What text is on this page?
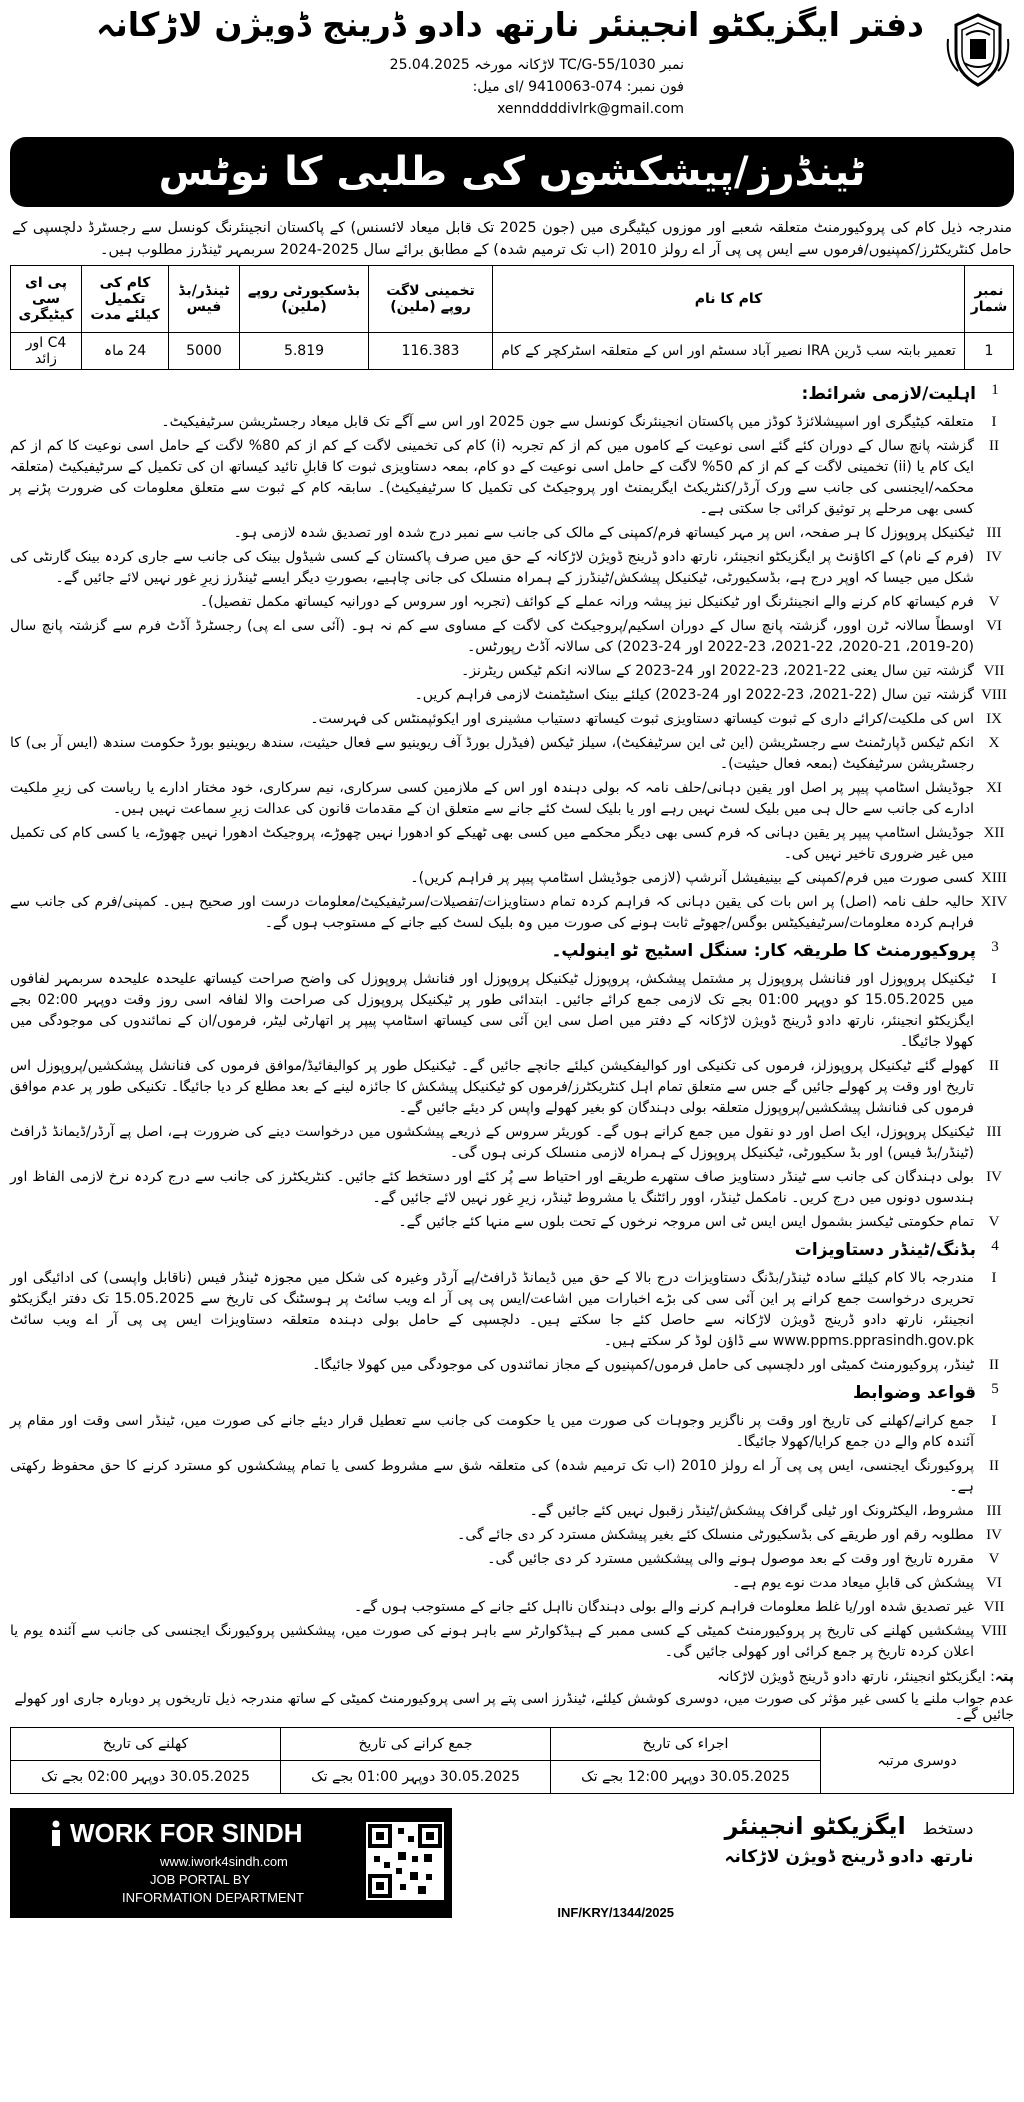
دفتر ایگزیکٹو انجینئر نارتھ دادو ڈرینج ڈویژن لاڑکانہ
نمبر TC/G-55/1030 لاڑکانہ مورخہ 25.04.2025
فون نمبر: 074-9410063 /ای میل:
xennddddivlrk@gmail.com
ٹینڈرز/پیشکشوں کی طلبی کا نوٹس
مندرجہ ذیل کام کی پروکیورمنٹ متعلقہ شعبے اور موزوں کیٹیگری میں (جون 2025 تک قابل میعاد لائسنس) کے پاکستان انجینئرنگ کونسل سے رجسٹرڈ دلچسپی کے حامل کنٹریکٹرز/کمپنیوں/فرموں سے ایس پی پی آر اے رولز 2010 (اب تک ترمیم شدہ) کے مطابق برائے سال 2025-2024 سربمہر ٹینڈرز مطلوب ہیں۔
نمبر شمار	کام کا نام	تخمینی لاگت روپے (ملین)	بڈسکیورٹی روپے (ملین)	ٹینڈر/بڈ فیس	کام کی تکمیل کیلئے مدت	پی ای سی کیٹیگری
1	تعمیر بابتہ سب ڈرین IRA نصیر آباد سسٹم اور اس کے متعلقہ اسٹرکچر کے کام	116.383	5.819	5000	24 ماہ	C4 اور زائد
1
اہلیت/لازمی شرائط:
I
متعلقہ کیٹیگری اور اسپیشلائزڈ کوڈز میں پاکستان انجینئرنگ کونسل سے جون 2025 اور اس سے آگے تک قابل میعاد رجسٹریشن سرٹیفیکیٹ۔
II
گزشتہ پانچ سال کے دوران کئے گئے اسی نوعیت کے کاموں میں کم از کم تجربہ (i) کام کی تخمینی لاگت کے کم از کم 80% لاگت کے حامل اسی نوعیت کا کم از کم ایک کام یا (ii) تخمینی لاگت کے کم از کم 50% لاگت کے حامل اسی نوعیت کے دو کام، بمعہ دستاویزی ثبوت کا قابلِ تائید کیساتھ ان کی تکمیل کے سرٹیفیکیٹ (متعلقہ محکمہ/ایجنسی کی جانب سے ورک آرڈر/کنٹریکٹ ایگریمنٹ اور پروجیکٹ کی تکمیل کا سرٹیفیکیٹ)۔ سابقہ کام کے ثبوت سے متعلق معلومات کی ضرورت پڑنے پر کسی بھی مرحلے پر توثیق کرائی جا سکتی ہے۔
III
ٹیکنیکل پروپوزل کا ہر صفحہ، اس پر مہر کیساتھ فرم/کمپنی کے مالک کی جانب سے نمبر درج شدہ اور تصدیق شدہ لازمی ہو۔
IV
(فرم کے نام) کے اکاؤنٹ پر ایگزیکٹو انجینئر، نارتھ دادو ڈرینج ڈویژن لاڑکانہ کے حق میں صرف پاکستان کے کسی شیڈول بینک کی جانب سے جاری کردہ بینک گارنٹی کی شکل میں جیسا کہ اوپر درج ہے، بڈسکیورٹی، ٹیکنیکل پیشکش/ٹینڈرز کے ہمراہ منسلک کی جانی چاہیے، بصورتِ دیگر ایسے ٹینڈرز زیرِ غور نہیں لائے جائیں گے۔
V
فرم کیساتھ کام کرنے والے انجینئرنگ اور ٹیکنیکل نیز پیشہ ورانہ عملے کے کوائف (تجربہ اور سروس کے دورانیہ کیساتھ مکمل تفصیل)۔
VI
اوسطاً سالانہ ٹرن اوور، گزشتہ پانچ سال کے دوران اسکیم/پروجیکٹ کی لاگت کے مساوی سے کم نہ ہو۔ (آئی سی اے پی) رجسٹرڈ آڈٹ فرم سے گزشتہ پانچ سال (20-2019، 21-2020، 22-2021، 23-2022 اور 24-2023) کی سالانہ آڈٹ رپورٹس۔
VII
گزشتہ تین سال یعنی 22-2021، 23-2022 اور 24-2023 کے سالانہ انکم ٹیکس ریٹرنز۔
VIII
گزشتہ تین سال (22-2021، 23-2022 اور 24-2023) کیلئے بینک اسٹیٹمنٹ لازمی فراہم کریں۔
IX
اس کی ملکیت/کرائے داری کے ثبوت کیساتھ دستاویزی ثبوت کیساتھ دستیاب مشینری اور ایکوئپمنٹس کی فہرست۔
X
انکم ٹیکس ڈپارٹمنٹ سے رجسٹریشن (این ٹی این سرٹیفکیٹ)، سیلز ٹیکس (فیڈرل بورڈ آف ریوینیو سے فعال حیثیت، سندھ ریوینیو بورڈ حکومت سندھ (ایس آر بی) کا رجسٹریشن سرٹیفکیٹ (بمعہ فعال حیثیت)۔
XI
جوڈیشل اسٹامپ پیپر پر اصل اور یقین دہانی/حلف نامہ کہ بولی دہندہ اور اس کے ملازمین کسی سرکاری، نیم سرکاری، خود مختار ادارے یا ریاست کی زیرِ ملکیت ادارے کی جانب سے حال ہی میں بلیک لسٹ نہیں رہے اور یا بلیک لسٹ کئے جانے سے متعلق ان کے مقدمات قانون کی عدالت زیرِ سماعت نہیں ہیں۔
XII
جوڈیشل اسٹامپ پیپر پر یقین دہانی کہ فرم کسی بھی دیگر محکمے میں کسی بھی ٹھیکے کو ادھورا نہیں چھوڑے، پروجیکٹ ادھورا نہیں چھوڑے، یا کسی کام کی تکمیل میں غیر ضروری تاخیر نہیں کی۔
XIII
کسی صورت میں فرم/کمپنی کے بینیفیشل آنرشپ (لازمی جوڈیشل اسٹامپ پیپر پر فراہم کریں)۔
XIV
حالیہ حلف نامہ (اصل) پر اس بات کی یقین دہانی کہ فراہم کردہ تمام دستاویزات/تفصیلات/سرٹیفیکیٹ/معلومات درست اور صحیح ہیں۔ کمپنی/فرم کی جانب سے فراہم کردہ معلومات/سرٹیفیکیٹس بوگس/جھوٹے ثابت ہونے کی صورت میں وہ بلیک لسٹ کیے جانے کے مستوجب ہوں گے۔
3
پروکیورمنٹ کا طریقہ کار: سنگل اسٹیج ٹو اینولپ۔
I
ٹیکنیکل پروپوزل اور فنانشل پروپوزل پر مشتمل پیشکش، پروپوزل ٹیکنیکل پروپوزل اور فنانشل پروپوزل کی واضح صراحت کیساتھ علیحدہ علیحدہ سربمہر لفافوں میں 15.05.2025 کو دوپہر 01:00 بجے تک لازمی جمع کرائے جائیں۔ ابتدائی طور پر ٹیکنیکل پروپوزل کی صراحت والا لفافہ اسی روز وقت دوپہر 02:00 بجے ایگزیکٹو انجینئر، نارتھ دادو ڈرینج ڈویژن لاڑکانہ کے دفتر میں اصل سی این آئی سی کیساتھ اسٹامپ پیپر پر اتھارٹی لیٹر، فرموں/ان کے نمائندوں کی موجودگی میں کھولا جائیگا۔
II
کھولے گئے ٹیکنیکل پروپوزلز، فرموں کی تکنیکی اور کوالیفکیشن کیلئے جانچے جائیں گے۔ ٹیکنیکل طور پر کوالیفائیڈ/موافق فرموں کی فنانشل پیشکشیں/پروپوزل اس تاریخ اور وقت پر کھولے جائیں گے جس سے متعلق تمام اہل کنٹریکٹرز/فرموں کو ٹیکنیکل پیشکش کا جائزہ لینے کے بعد مطلع کر دیا جائیگا۔ تکنیکی طور پر عدم موافق فرموں کی فنانشل پیشکشیں/پروپوزل متعلقہ بولی دہندگان کو بغیر کھولے واپس کر دیئے جائیں گے۔
III
ٹیکنیکل پروپوزل، ایک اصل اور دو نقول میں جمع کرانے ہوں گے۔ کوریئر سروس کے ذریعے پیشکشوں میں درخواست دینے کی ضرورت ہے، اصل پے آرڈر/ڈیمانڈ ڈرافٹ (ٹینڈر/بڈ فیس) اور بڈ سکیورٹی، ٹیکنیکل پروپوزل کے ہمراہ لازمی منسلک کرنی ہوں گی۔
IV
بولی دہندگان کی جانب سے ٹینڈر دستاویز صاف ستھرے طریقے اور احتیاط سے پُر کئے اور دستخط کئے جائیں۔ کنٹریکٹرز کی جانب سے درج کردہ نرخ لازمی الفاظ اور ہندسوں دونوں میں درج کریں۔ نامکمل ٹینڈر، اوور رائٹنگ یا مشروط ٹینڈر، زیرِ غور نہیں لائے جائیں گے۔
V
تمام حکومتی ٹیکسز بشمول ایس ایس ٹی اس مروجہ نرخوں کے تحت بلوں سے منہا کئے جائیں گے۔
4
بڈنگ/ٹینڈر دستاویزات
I
مندرجہ بالا کام کیلئے سادہ ٹینڈر/بڈنگ دستاویزات درج بالا کے حق میں ڈیمانڈ ڈرافٹ/پے آرڈر وغیرہ کی شکل میں مجوزہ ٹینڈر فیس (ناقابل واپسی) کی ادائیگی اور تحریری درخواست جمع کرانے پر این آئی سی کی بڑے اخبارات میں اشاعت/ایس پی پی آر اے ویب سائٹ پر ہوسٹنگ کی تاریخ سے 15.05.2025 تک دفتر ایگزیکٹو انجینئر، نارتھ دادو ڈرینج ڈویژن لاڑکانہ سے حاصل کئے جا سکتے ہیں۔ دلچسپی کے حامل بولی دہندہ متعلقہ دستاویزات ایس پی پی آر اے ویب سائٹ www.ppms.pprasindh.gov.pk سے ڈاؤن لوڈ کر سکتے ہیں۔
II
ٹینڈر، پروکیورمنٹ کمیٹی اور دلچسپی کی حامل فرموں/کمپنیوں کے مجاز نمائندوں کی موجودگی میں کھولا جائیگا۔
5
قواعد وضوابط
I
جمع کرانے/کھلنے کی تاریخ اور وقت پر ناگزیر وجوہات کی صورت میں یا حکومت کی جانب سے تعطیل قرار دیئے جانے کی صورت میں، ٹینڈر اسی وقت اور مقام پر آئندہ کام والے دن جمع کرایا/کھولا جائیگا۔
II
پروکیورنگ ایجنسی، ایس پی پی آر اے رولز 2010 (اب تک ترمیم شدہ) کی متعلقہ شق سے مشروط کسی یا تمام پیشکشوں کو مسترد کرنے کا حق محفوظ رکھتی ہے۔
III
مشروط، الیکٹرونک اور ٹیلی گرافک پیشکش/ٹینڈر زقبول نہیں کئے جائیں گے۔
IV
مطلوبہ رقم اور طریقے کی بڈسکیورٹی منسلک کئے بغیر پیشکش مسترد کر دی جائے گی۔
V
مقررہ تاریخ اور وقت کے بعد موصول ہونے والی پیشکشیں مسترد کر دی جائیں گی۔
VI
پیشکش کی قابلِ میعاد مدت نوے یوم ہے۔
VII
غیر تصدیق شدہ اور/یا غلط معلومات فراہم کرنے والے بولی دہندگان نااہل کئے جانے کے مستوجب ہوں گے۔
VIII
پیشکشیں کھلنے کی تاریخ پر پروکیورمنٹ کمیٹی کے کسی ممبر کے ہیڈکوارٹر سے باہر ہونے کی صورت میں، پیشکشیں پروکیورنگ ایجنسی کی جانب سے آئندہ یوم یا اعلان کردہ تاریخ پر جمع کرائی اور کھولی جائیں گی۔
پتہ: ایگزیکٹو انجینئر، نارتھ دادو ڈرینج ڈویژن لاڑکانہ
عدم جواب ملنے یا کسی غیر مؤثر کی صورت میں، دوسری کوشش کیلئے، ٹینڈرز اسی پتے پر اسی پروکیورمنٹ کمیٹی کے ساتھ مندرجہ ذیل تاریخوں پر دوبارہ جاری اور کھولے جائیں گے۔
دوسری مرتبہ	اجراء کی تاریخ	جمع کرانے کی تاریخ	کھلنے کی تاریخ
	30.05.2025 دوپہر 12:00 بجے تک	30.05.2025 دوپہر 01:00 بجے تک	30.05.2025 دوپہر 02:00 بجے تک
دستخط  ایگزیکٹو انجینئر
نارتھ دادو ڈرینج ڈویژن لاڑکانہ
INF/KRY/1344/2025
WORK FOR SINDH
www.iwork4sindh.com
JOB PORTAL BY
INFORMATION DEPARTMENT
